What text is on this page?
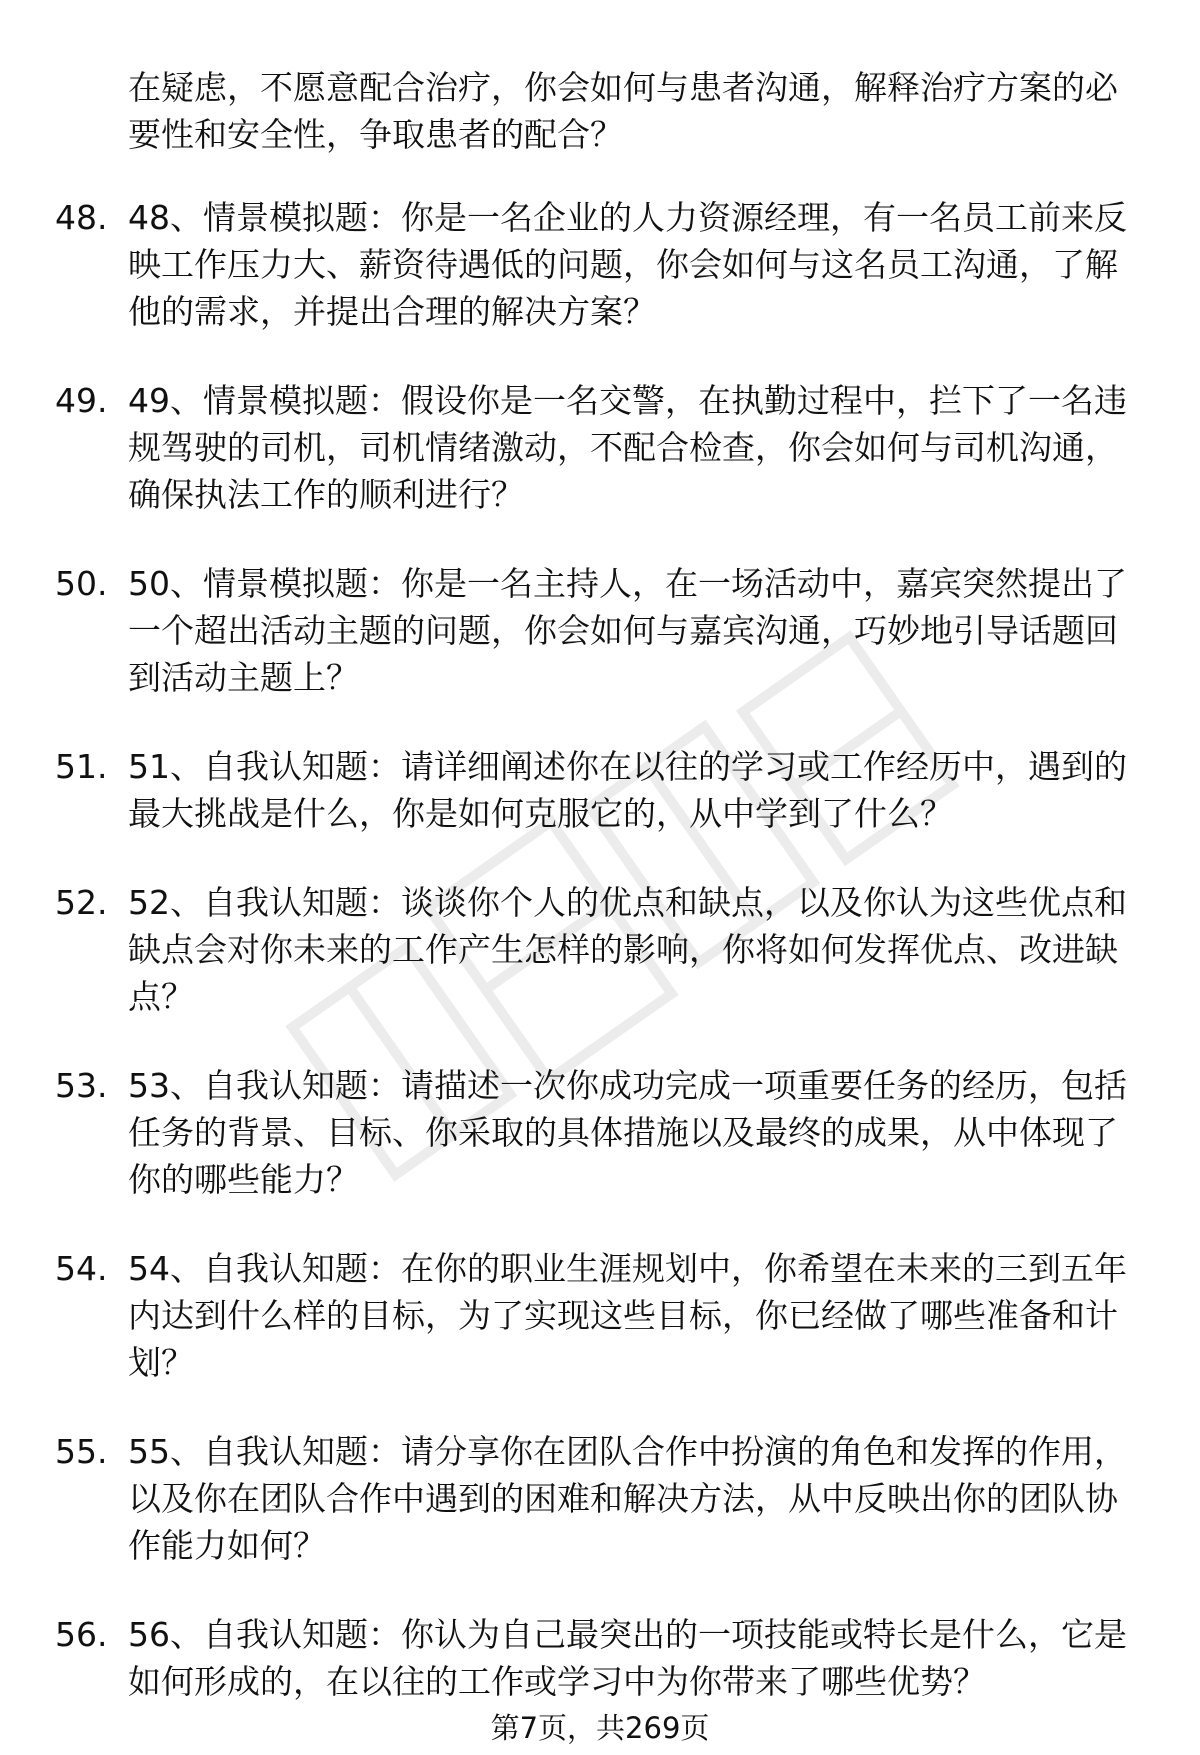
在疑虑，不愿意配合治疗，你会如何与患者沟通，解释治疗方案的必要性和安全性，争取患者的配合？
48. 48、情景模拟题：你是一名企业的人力资源经理，有一名员工前来反映工作压力大、薪资待遇低的问题，你会如何与这名员工沟通，了解他的需求，并提出合理的解决方案？
49. 49、情景模拟题：假设你是一名交警，在执勤过程中，拦下了一名违规驾驶的司机，司机情绪激动，不配合检查，你会如何与司机沟通，确保执法工作的顺利进行？
50. 50、情景模拟题：你是一名主持人，在一场活动中，嘉宾突然提出了一个超出活动主题的问题，你会如何与嘉宾沟通，巧妙地引导话题回到活动主题上？
51. 51、自我认知题：请详细阐述你在以往的学习或工作经历中，遇到的最大挑战是什么，你是如何克服它的，从中学到了什么？
52. 52、自我认知题：谈谈你个人的优点和缺点，以及你认为这些优点和缺点会对你未来的工作产生怎样的影响，你将如何发挥优点、改进缺点？
53. 53、自我认知题：请描述一次你成功完成一项重要任务的经历，包括任务的背景、目标、你采取的具体措施以及最终的成果，从中体现了你的哪些能力？
54. 54、自我认知题：在你的职业生涯规划中，你希望在未来的三到五年内达到什么样的目标，为了实现这些目标，你已经做了哪些准备和计划？
55. 55、自我认知题：请分享你在团队合作中扮演的角色和发挥的作用，以及你在团队合作中遇到的困难和解决方法，从中反映出你的团队协作能力如何？
56. 56、自我认知题：你认为自己最突出的一项技能或特长是什么，它是如何形成的，在以往的工作或学习中为你带来了哪些优势？
第7页，共269页
